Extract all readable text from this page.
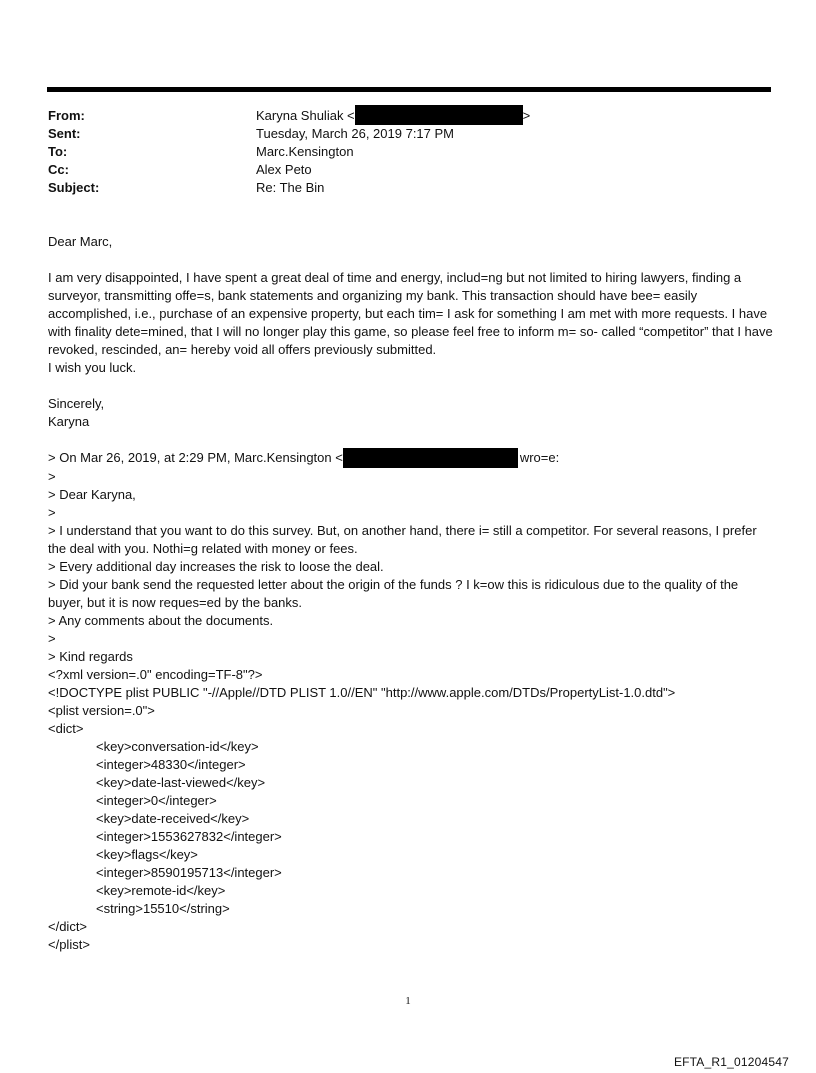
From:	Karyna Shuliak <	>
Sent:	Tuesday, March 26, 2019 7:17 PM
To:	Marc.Kensington
Cc:	Alex Peto
Subject:	Re: The Bin

Dear Marc,

I am very disappointed, I have spent a great deal of time and energy, includ=ng but not limited to hiring lawyers, finding a surveyor, transmitting offe=s, bank statements and organizing my bank. This transaction should have bee= easily accomplished, i.e., purchase of an expensive property, but each tim= I ask for something I am met with more requests. I have with finality dete=mined, that I will no longer play this game, so please feel free to inform m= so- called “competitor” that I have revoked, rescinded, an= hereby void all offers previously submitted.

I wish you luck.

Sincerely,

Karyna

> On Mar 26, 2019, at 2:29 PM, Marc.Kensington <	wro=e:

>

> Dear Karyna,

>

> I understand that you want to do this survey. But, on another hand, there i= still a competitor. For several reasons, I prefer the deal with you. Nothi=g related with money or fees.

> Every additional day increases the risk to loose the deal.

> Did your bank send the requested letter about the origin of the funds ? I k=ow this is ridiculous due to the quality of the buyer, but it is now reques=ed by the banks.

> Any comments about the documents.

>

> Kind regards

<?xml version=.0" encoding=TF-8"?>

<!DOCTYPE plist PUBLIC "-//Apple//DTD PLIST 1.0//EN" "http://www.apple.com/DTDs/PropertyList-1.0.dtd">

<plist version=.0">

<dict>

<key>conversation-id</key>

<integer>48330</integer>

<key>date-last-viewed</key>

<integer>0</integer>

<key>date-received</key>

<integer>1553627832</integer>

<key>flags</key>

<integer>8590195713</integer>

<key>remote-id</key>

<string>15510</string>

</dict>

</plist>

1
EFTA_R1_01204547
